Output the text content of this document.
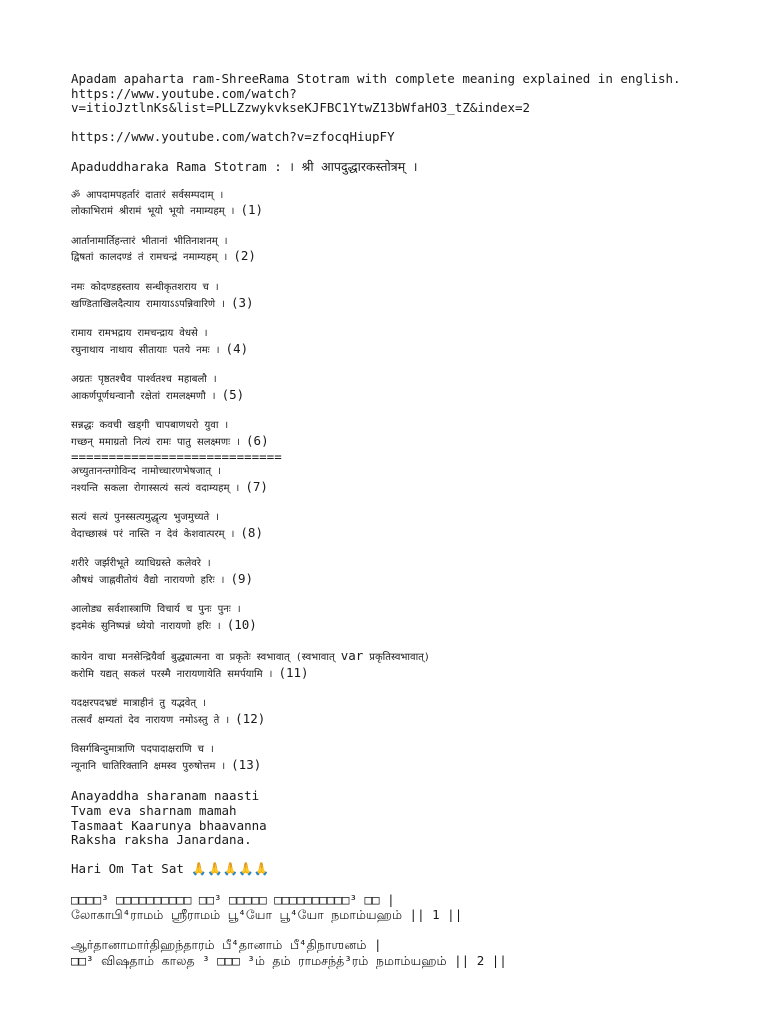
Apadam apaharta ram-ShreeRama Stotram with complete meaning explained in english.
https://www.youtube.com/watch?
v=itioJztlnKs&list=PLLZzwykvkseKJFBC1YtwZ13bWfaHO3_tZ&index=2
https://www.youtube.com/watch?v=zfocqHiupFY
Apaduddharaka Rama Stotram : । श्री आपदुद्धारकस्तोत्रम् ।
ॐ आपदामपहर्तारं दातारं सर्वसम्पदाम् ।
लोकाभिरामं श्रीरामं भूयो भूयो नमाम्यहम् । (1)
आर्तानामार्तिहन्तारं भीतानां भीतिनाशनम् ।
द्विषतां कालदण्डं तं रामचन्द्रं नमाम्यहम् । (2)
नमः कोदण्डहस्ताय सन्धीकृतशराय च ।
खण्डिताखिलदैत्याय रामायाऽऽपन्निवारिणे । (3)
रामाय रामभद्राय रामचन्द्राय वेधसे ।
रघुनाथाय नाथाय सीतायाः पतये नमः । (4)
अग्रतः पृष्ठतश्चैव पार्श्वतश्च महाबलौ ।
आकर्णपूर्णधन्वानौ रक्षेतां रामलक्ष्मणौ । (5)
सन्नद्धः कवची खड्गी चापबाणधरो युवा ।
गच्छन् ममाग्रतो नित्यं रामः पातु सलक्ष्मणः । (6)
============================
अच्युतानन्तगोविन्द नामोच्चारणभेषजात् ।
नश्यन्ति सकला रोगास्सत्यं सत्यं वदाम्यहम् । (7)
सत्यं सत्यं पुनस्सत्यमुद्धृत्य भुजमुच्यते ।
वेदाच्छास्त्रं परं नास्ति न देवं केशवात्परम् । (8)
शरीरे जर्झरीभूते व्याधिग्रस्ते कलेवरे ।
औषधं जाह्नवीतोयं वैद्यो नारायणो हरिः । (9)
आलोड्य सर्वशास्त्राणि विचार्य च पुनः पुनः ।
इदमेकं सुनिष्पन्नं ध्येयो नारायणो हरिः । (10)
कायेन वाचा मनसेन्द्रियैर्वा बुद्ध्यात्मना वा प्रकृतेः स्वभावात् (स्वभावात् var प्रकृतिस्वभावात्)
करोमि यद्यत् सकलं परस्मै नारायणायेति समर्पयामि । (11)
यदक्षरपदभ्रष्टं मात्राहीनं तु यद्भवेत् ।
तत्सर्वं क्षम्यतां देव नारायण नमोऽस्तु ते । (12)
विसर्गबिन्दुमात्राणि पदपादाक्षराणि च ।
न्यूनानि चातिरिक्तानि क्षमस्व पुरुषोत्तम । (13)
Anayaddha sharanam naasti
Tvam eva sharnam mamah
Tasmaat Kaarunya bhaavanna
Raksha raksha Janardana.
Hari Om Tat Sat 🙏🙏🙏🙏🙏
□□□□³ □□□□□□□□□□ □□³ □□□□□ □□□□□□□□□□³ □□ |
லோகாபி⁴ராமம் ஸ்ரீராமம் பூ⁴யோ பூ⁴யோ நமாம்யஹம் || 1 ||
ஆர்தானாமார்திஹந்தாரம் பீ⁴தானாம் பீ⁴திநாஶனம் |
□□³ விஷதாம் காலத ³ □□□ ³ம் தம் ராமசந்த்³ரம் நமாம்யஹம் || 2 ||
